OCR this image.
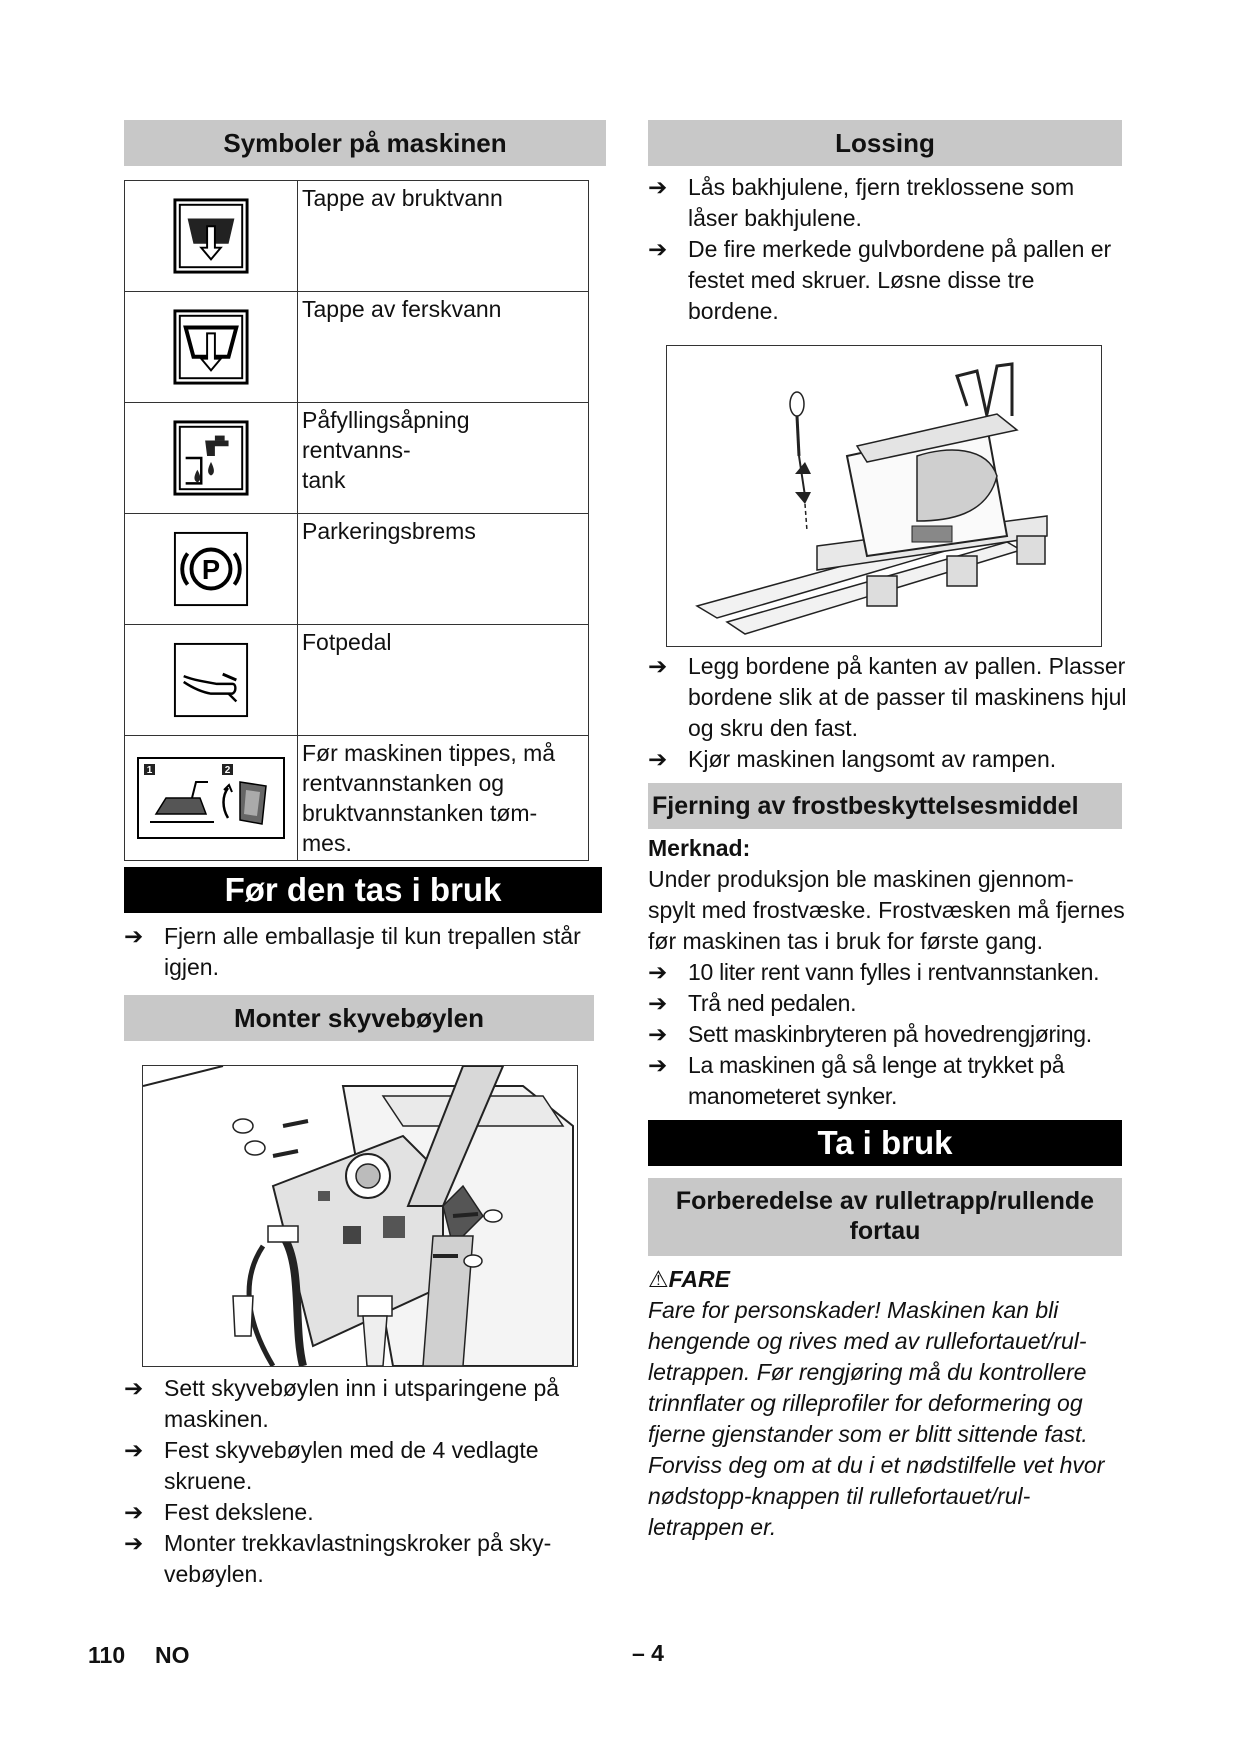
Symboler på maskinen
	Tappe av bruktvann

	Tappe av ferskvann

	Påfyllingsåpning rentvanns-
tank

P	Parkeringsbrems

	Fotpedal

1 2	Før maskinen tippes, må rentvannstanken og bruktvannstanken tøm-
mes.
Før den tas i bruk
➔ Fjern alle emballasje til kun trepallen står igjen.
Monter skyvebøylen
➔ Sett skyvebøylen inn i utsparingene på maskinen.
➔ Fest skyvebøylen med de 4 vedlagte skruene.
➔ Fest dekslene.
➔ Monter trekkavlastningskroker på sky-
vebøylen.
Lossing
➔ Lås bakhjulene, fjern treklossene som låser bakhjulene.
➔ De fire merkede gulvbordene på pallen er festet med skruer. Løsne disse tre bordene.
➔ Legg bordene på kanten av pallen. Plasser bordene slik at de passer til maskinens hjul og skru den fast.
➔ Kjør maskinen langsomt av rampen.
Fjerning av frostbeskyttelsesmiddel
Merknad:
Under produksjon ble maskinen gjennom-
spylt med frostvæske. Frostvæsken må fjernes før maskinen tas i bruk for første gang.
➔ 10 liter rent vann fylles i rentvannstanken.
➔ Trå ned pedalen.
➔ Sett maskinbryteren på hovedrengjøring.
➔ La maskinen gå så lenge at trykket på manometeret synker.
Ta i bruk
Forberedelse av rulletrapp/rullende fortau
⚠FARE
Fare for personskader! Maskinen kan bli hengende og rives med av rullefortauet/rul-
letrappen. Før rengjøring må du kontrollere trinnflater og rilleprofiler for deformering og fjerne gjenstander som er blitt sittende fast. Forviss deg om at du i et nødstilfelle vet hvor nødstopp-knappen til rullefortauet/rul-
letrappen er.
110 NO	– 4
